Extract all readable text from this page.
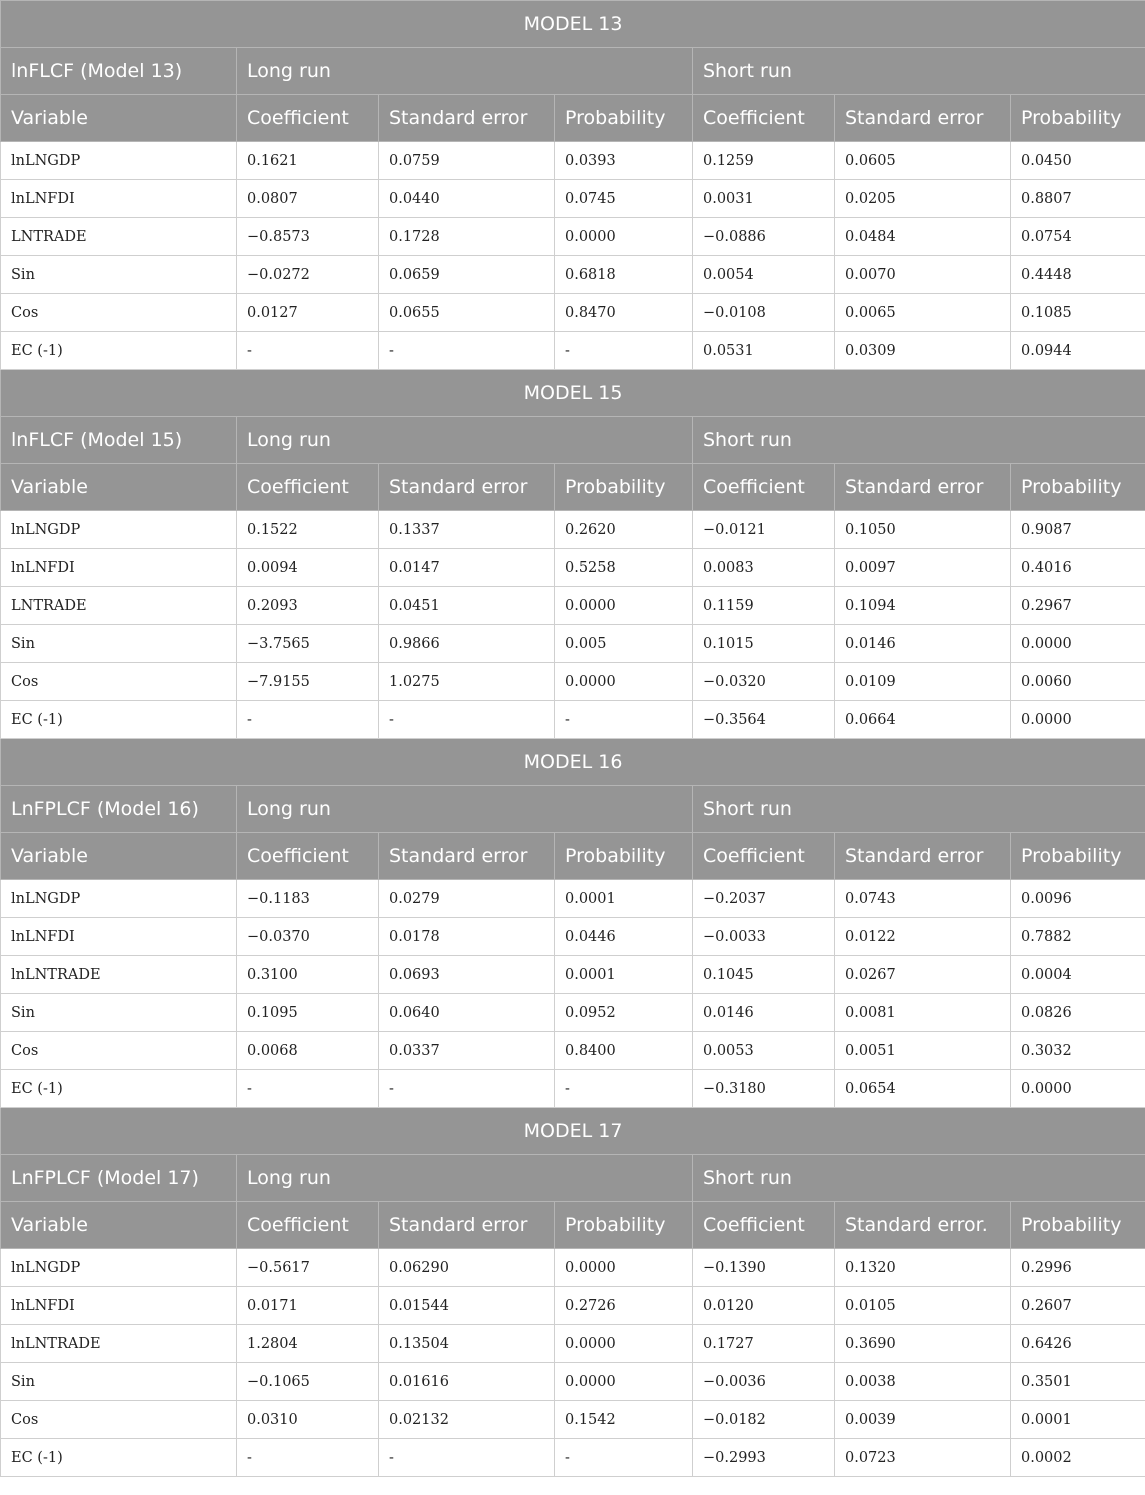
MODEL 13						
lnFLCF (Model 13)	Long run			Short run		
Variable	Coefficient	Standard error	Probability	Coefficient	Standard error	Probability
lnLNGDP	0.1621	0.0759	0.0393	0.1259	0.0605	0.0450
lnLNFDI	0.0807	0.0440	0.0745	0.0031	0.0205	0.8807
LNTRADE	−0.8573	0.1728	0.0000	−0.0886	0.0484	0.0754
Sin	−0.0272	0.0659	0.6818	0.0054	0.0070	0.4448
Cos	0.0127	0.0655	0.8470	−0.0108	0.0065	0.1085
EC (-1)	-	-	-	0.0531	0.0309	0.0944
MODEL 15						
lnFLCF (Model 15)	Long run			Short run		
Variable	Coefficient	Standard error	Probability	Coefficient	Standard error	Probability
lnLNGDP	0.1522	0.1337	0.2620	−0.0121	0.1050	0.9087
lnLNFDI	0.0094	0.0147	0.5258	0.0083	0.0097	0.4016
LNTRADE	0.2093	0.0451	0.0000	0.1159	0.1094	0.2967
Sin	−3.7565	0.9866	0.005	0.1015	0.0146	0.0000
Cos	−7.9155	1.0275	0.0000	−0.0320	0.0109	0.0060
EC (-1)	-	-	-	−0.3564	0.0664	0.0000
MODEL 16						
LnFPLCF (Model 16)	Long run			Short run		
Variable	Coefficient	Standard error	Probability	Coefficient	Standard error	Probability
lnLNGDP	−0.1183	0.0279	0.0001	−0.2037	0.0743	0.0096
lnLNFDI	−0.0370	0.0178	0.0446	−0.0033	0.0122	0.7882
lnLNTRADE	0.3100	0.0693	0.0001	0.1045	0.0267	0.0004
Sin	0.1095	0.0640	0.0952	0.0146	0.0081	0.0826
Cos	0.0068	0.0337	0.8400	0.0053	0.0051	0.3032
EC (-1)	-	-	-	−0.3180	0.0654	0.0000
MODEL 17						
LnFPLCF (Model 17)	Long run			Short run		
Variable	Coefficient	Standard error	Probability	Coefficient	Standard error.	Probability
lnLNGDP	−0.5617	0.06290	0.0000	−0.1390	0.1320	0.2996
lnLNFDI	0.0171	0.01544	0.2726	0.0120	0.0105	0.2607
lnLNTRADE	1.2804	0.13504	0.0000	0.1727	0.3690	0.6426
Sin	−0.1065	0.01616	0.0000	−0.0036	0.0038	0.3501
Cos	0.0310	0.02132	0.1542	−0.0182	0.0039	0.0001
EC (-1)	-	-	-	−0.2993	0.0723	0.0002
